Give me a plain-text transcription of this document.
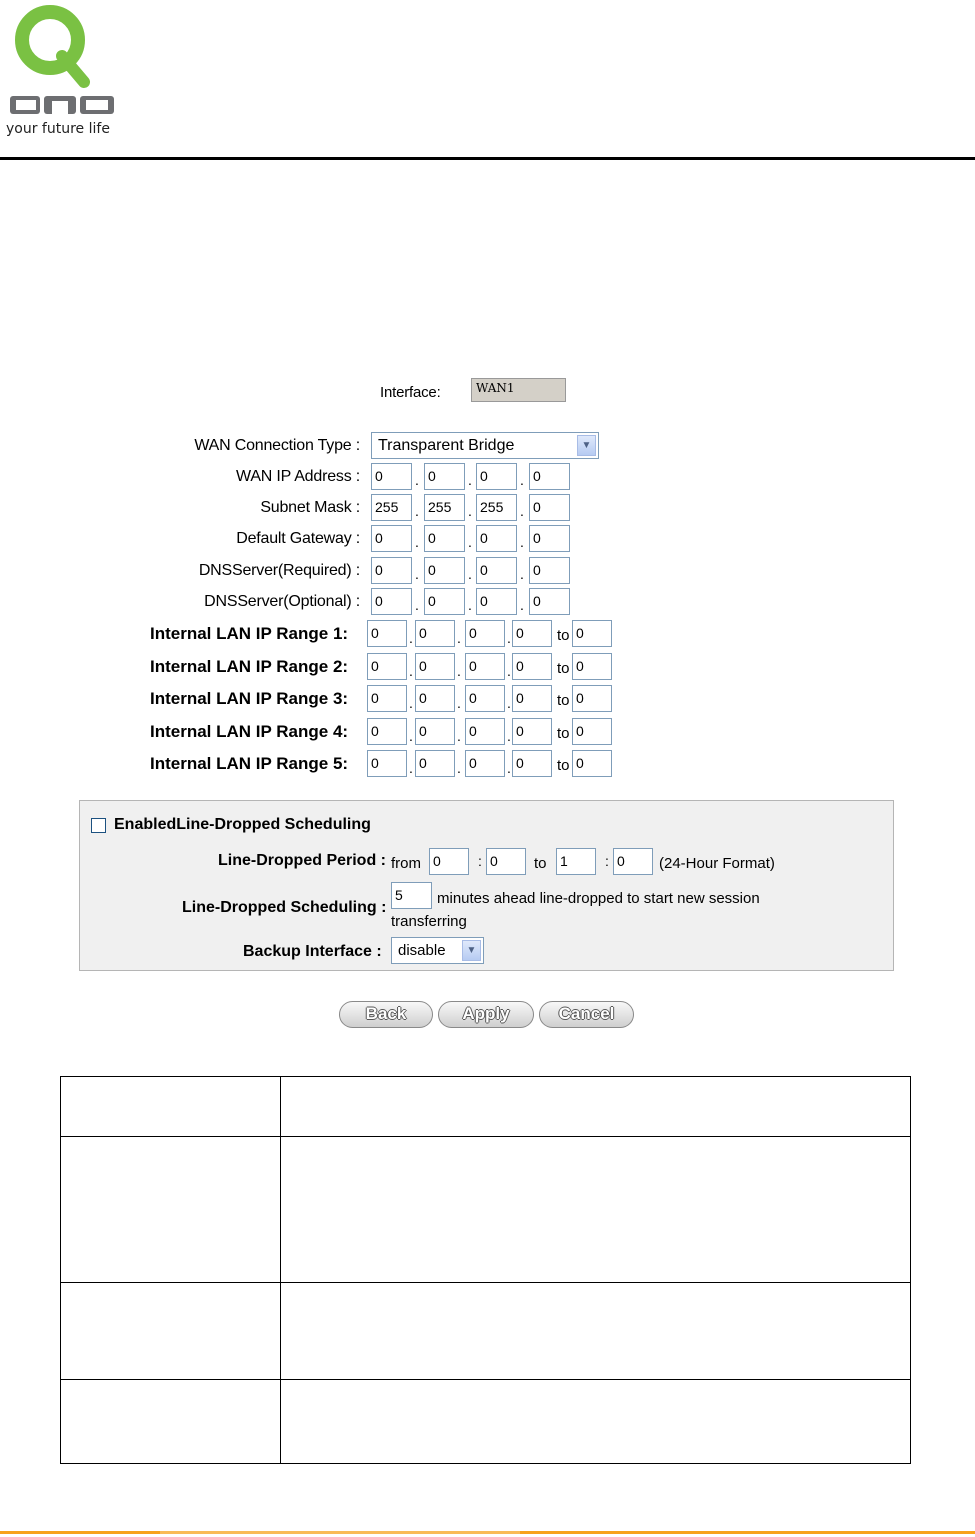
your future life
Interface:	WAN1
WAN Connection Type :	Transparent Bridge	▼
WAN IP Address : 0	. 0	. 0	. 0
Subnet Mask : 255	. 255	. 255	. 0
Default Gateway : 0	. 0	. 0	. 0
DNSServer(Required) : 0	. 0	. 0	. 0
DNSServer(Optional) : 0	. 0	. 0	. 0
Internal LAN IP Range 1: 0	. 0	. 0	. 0	to 0
Internal LAN IP Range 2: 0	. 0	. 0	. 0	to 0
Internal LAN IP Range 3: 0	. 0	. 0	. 0	to 0
Internal LAN IP Range 4: 0	. 0	. 0	. 0	to 0
Internal LAN IP Range 5: 0	. 0	. 0	. 0	to 0
EnabledLine-Dropped Scheduling
Line-Dropped Period : from 0	: 0	to 1	: 0	(24-Hour Format)
Line-Dropped Scheduling :
5	minutes ahead line-dropped to start new session
transferring
Backup Interface :	disable	▼
Back	Apply	Cancel
